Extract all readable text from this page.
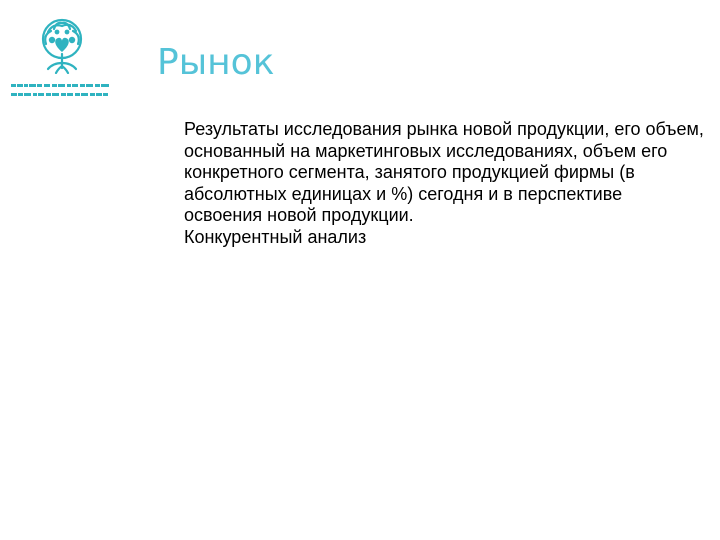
Рынок
Результаты исследования рынка новой продукции, его объем, основанный на маркетинговых исследованиях, объем его конкретного сегмента, занятого продукцией фирмы (в абсолютных единицах и %) сегодня и в перспективе освоения новой продукции.
Конкурентный анализ
